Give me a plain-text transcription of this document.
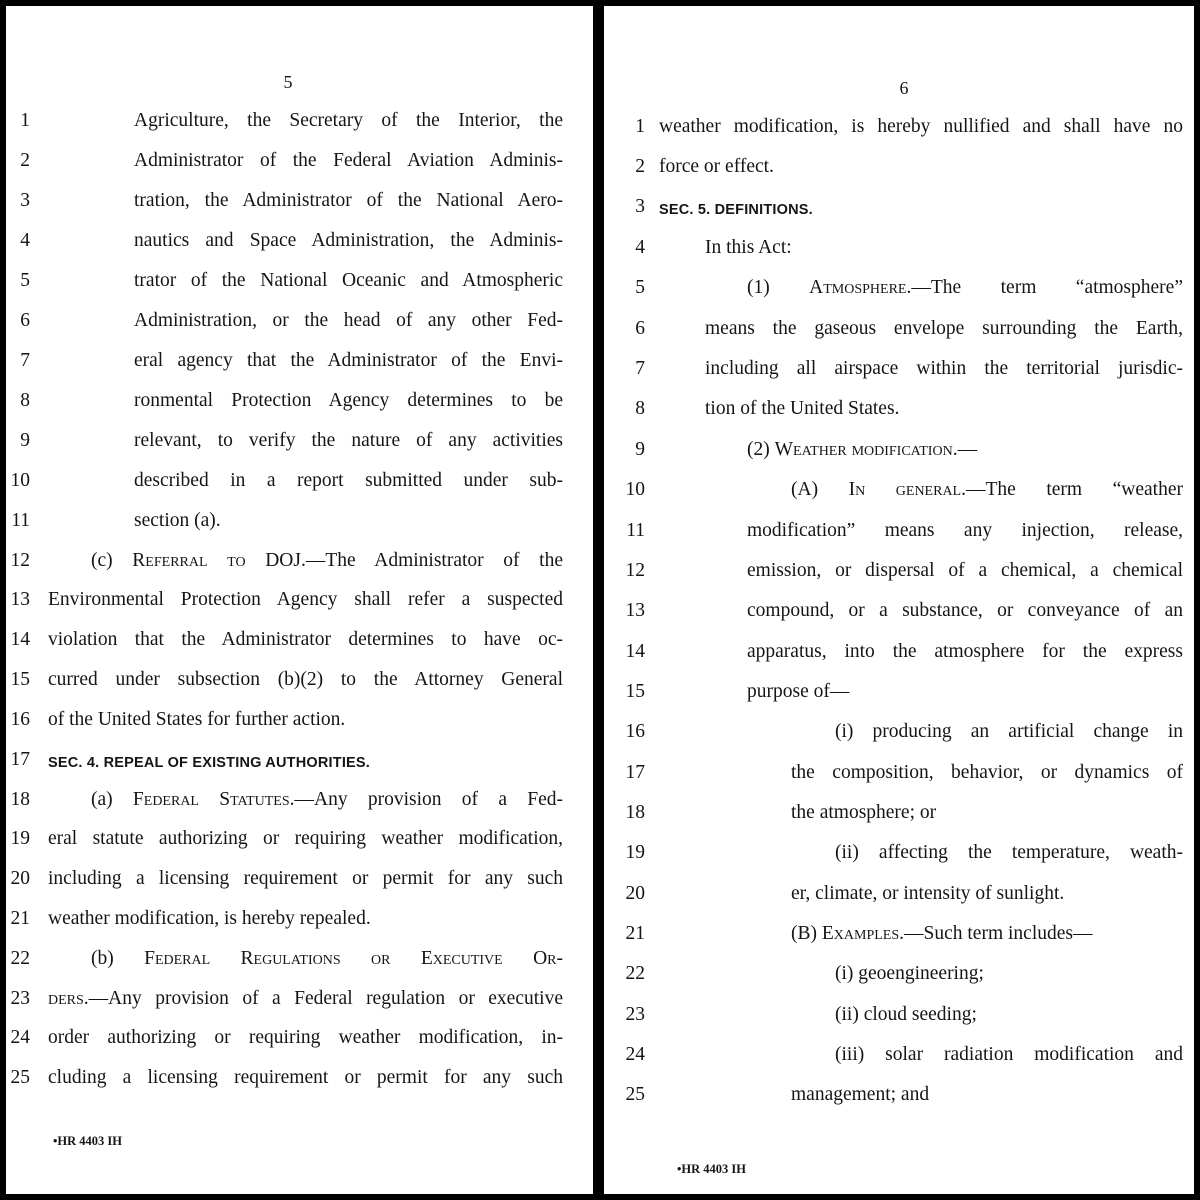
5
1	Agriculture, the Secretary of the Interior, the
2	Administrator of the Federal Aviation Adminis-
3	tration, the Administrator of the National Aero-
4	nautics and Space Administration, the Adminis-
5	trator of the National Oceanic and Atmospheric
6	Administration, or the head of any other Fed-
7	eral agency that the Administrator of the Envi-
8	ronmental Protection Agency determines to be
9	relevant, to verify the nature of any activities
10	described in a report submitted under sub-
11	section (a).
12	(c) Referral to DOJ.—The Administrator of the
13 Environmental Protection Agency shall refer a suspected
14 violation that the Administrator determines to have oc-
15 curred under subsection (b)(2) to the Attorney General
16 of the United States for further action.
17 SEC. 4. REPEAL OF EXISTING AUTHORITIES.
18	(a) Federal Statutes.—Any provision of a Fed-
19 eral statute authorizing or requiring weather modification,
20 including a licensing requirement or permit for any such
21 weather modification, is hereby repealed.
22	(b) Federal Regulations or Executive Or-
23 ders.—Any provision of a Federal regulation or executive
24 order authorizing or requiring weather modification, in-
25 cluding a licensing requirement or permit for any such
•HR 4403 IH
6
1 weather modification, is hereby nullified and shall have no
2 force or effect.
3 SEC. 5. DEFINITIONS.
4	In this Act:
5	(1) Atmosphere.—The term “atmosphere”
6	means the gaseous envelope surrounding the Earth,
7	including all airspace within the territorial jurisdic-
8	tion of the United States.
9	(2) Weather modification.—
10	(A) In general.—The term “weather
11	modification” means any injection, release,
12	emission, or dispersal of a chemical, a chemical
13	compound, or a substance, or conveyance of an
14	apparatus, into the atmosphere for the express
15	purpose of—
16	(i) producing an artificial change in
17	the composition, behavior, or dynamics of
18	the atmosphere; or
19	(ii) affecting the temperature, weath-
20	er, climate, or intensity of sunlight.
21	(B) Examples.—Such term includes—
22	(i) geoengineering;
23	(ii) cloud seeding;
24	(iii) solar radiation modification and
25	management; and
•HR 4403 IH
